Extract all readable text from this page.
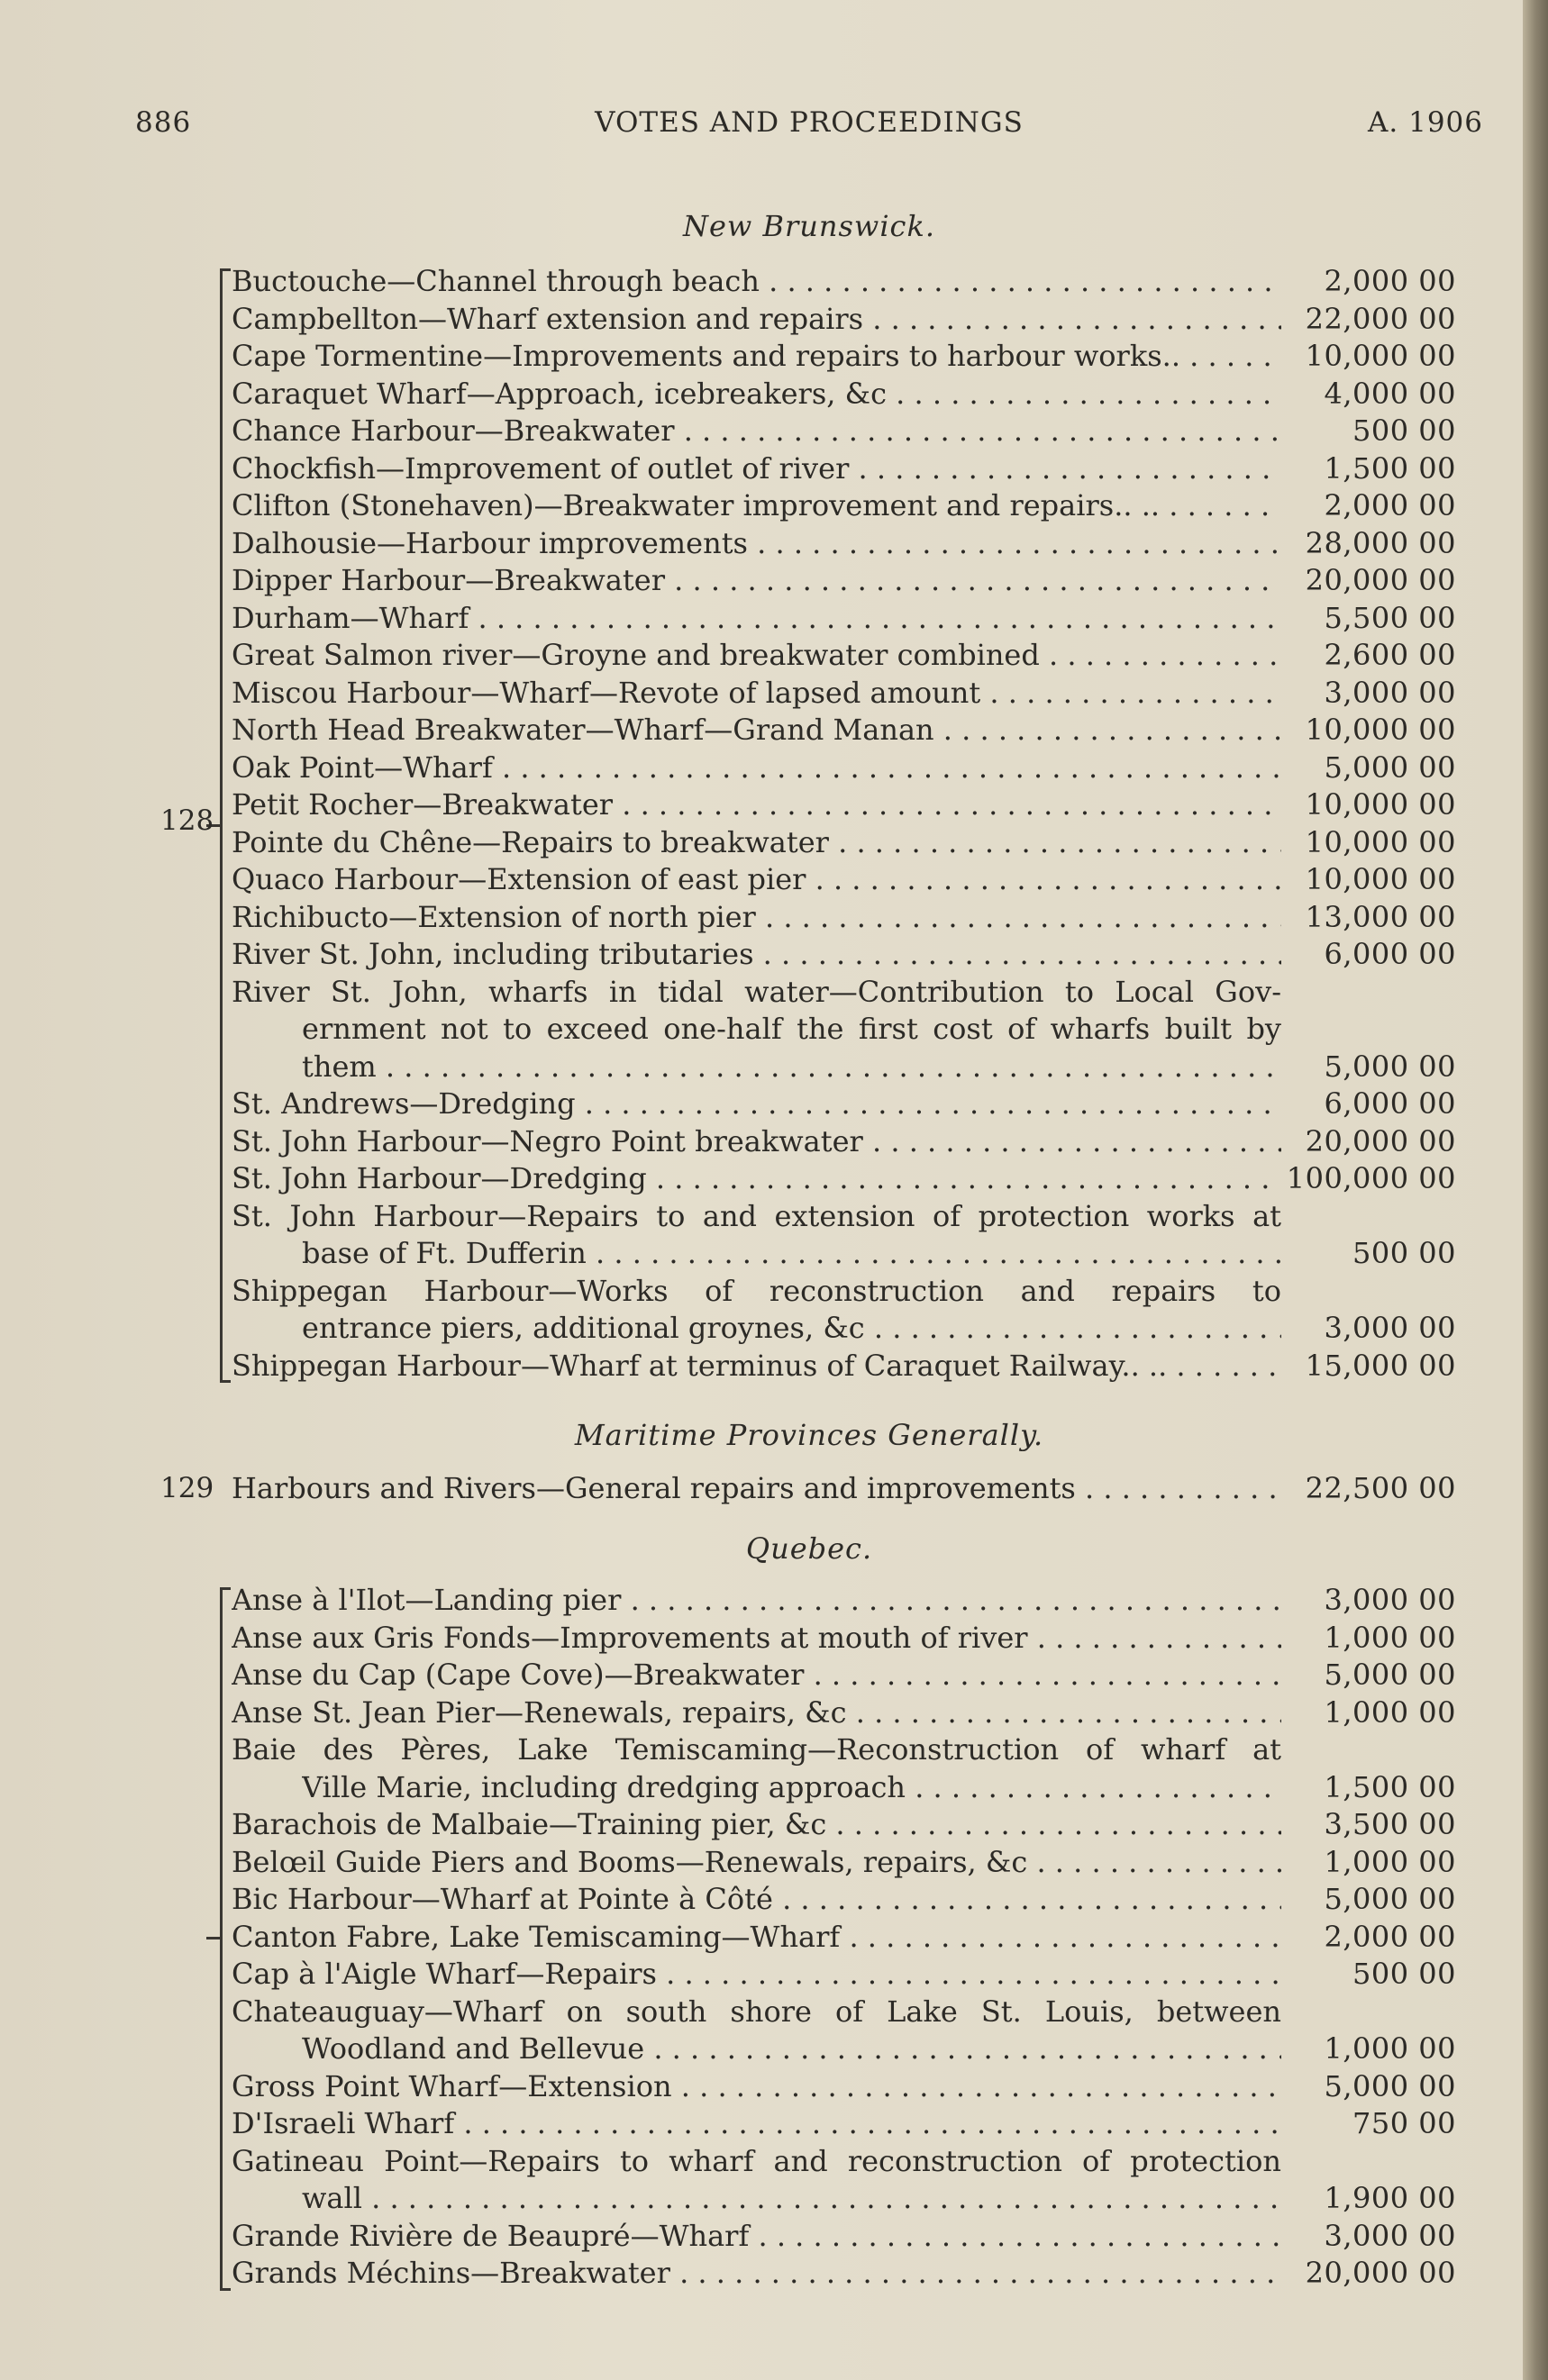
886	VOTES AND PROCEEDINGS	A. 1906
New Brunswick.
Buctouche—Channel through beach . . .	2,000 00
Campbellton—Wharf extension and repairs . . .	22,000 00
Cape Tormentine—Improvements and repairs to harbour works.. . . .	10,000 00
Caraquet Wharf—Approach, icebreakers, &c . . .	4,000 00
Chance Harbour—Breakwater . . .	500 00
Chockfish—Improvement of outlet of river . . .	1,500 00
Clifton (Stonehaven)—Breakwater improvement and repairs.. .. . . .	2,000 00
Dalhousie—Harbour improvements . . .	28,000 00
Dipper Harbour—Breakwater . . .	20,000 00
Durham—Wharf . . .	5,500 00
Great Salmon river—Groyne and breakwater combined . . .	2,600 00
Miscou Harbour—Wharf—Revote of lapsed amount . . .	3,000 00
North Head Breakwater—Wharf—Grand Manan . . .	10,000 00
Oak Point—Wharf . . .	5,000 00
Petit Rocher—Breakwater . . .	10,000 00
Pointe du Chêne—Repairs to breakwater . . .	10,000 00
Quaco Harbour—Extension of east pier . . .	10,000 00
Richibucto—Extension of north pier . . .	13,000 00
River St. John, including tributaries . . .	6,000 00
River St. John, wharfs in tidal water—Contribution to Local Gov-
ernment not to exceed one-half the first cost of wharfs built by
them . . .	5,000 00
St. Andrews—Dredging . . .	6,000 00
St. John Harbour—Negro Point breakwater . . .	20,000 00
St. John Harbour—Dredging . . .	100,000 00
St. John Harbour—Repairs to and extension of protection works at
base of Ft. Dufferin . . .	500 00
Shippegan Harbour—Works of reconstruction and repairs to
entrance piers, additional groynes, &c . . .	3,000 00
Shippegan Harbour—Wharf at terminus of Caraquet Railway.. .. . . .	15,000 00
128
Maritime Provinces Generally.
Harbours and Rivers—General repairs and improvements . . .	22,500 00
129
Quebec.
Anse à l'Ilot—Landing pier . . .	3,000 00
Anse aux Gris Fonds—Improvements at mouth of river . . .	1,000 00
Anse du Cap (Cape Cove)—Breakwater . . .	5,000 00
Anse St. Jean Pier—Renewals, repairs, &c . . .	1,000 00
Baie des Pères, Lake Temiscaming—Reconstruction of wharf at
Ville Marie, including dredging approach . . .	1,500 00
Barachois de Malbaie—Training pier, &c . . .	3,500 00
Belœil Guide Piers and Booms—Renewals, repairs, &c . . .	1,000 00
Bic Harbour—Wharf at Pointe à Côté . . .	5,000 00
Canton Fabre, Lake Temiscaming—Wharf . . .	2,000 00
Cap à l'Aigle Wharf—Repairs . . .	500 00
Chateauguay—Wharf on south shore of Lake St. Louis, between
Woodland and Bellevue . . .	1,000 00
Gross Point Wharf—Extension . . .	5,000 00
D'Israeli Wharf . . .	750 00
Gatineau Point—Repairs to wharf and reconstruction of protection
wall . . .	1,900 00
Grande Rivière de Beaupré—Wharf . . .	3,000 00
Grands Méchins—Breakwater . . .	20,000 00
